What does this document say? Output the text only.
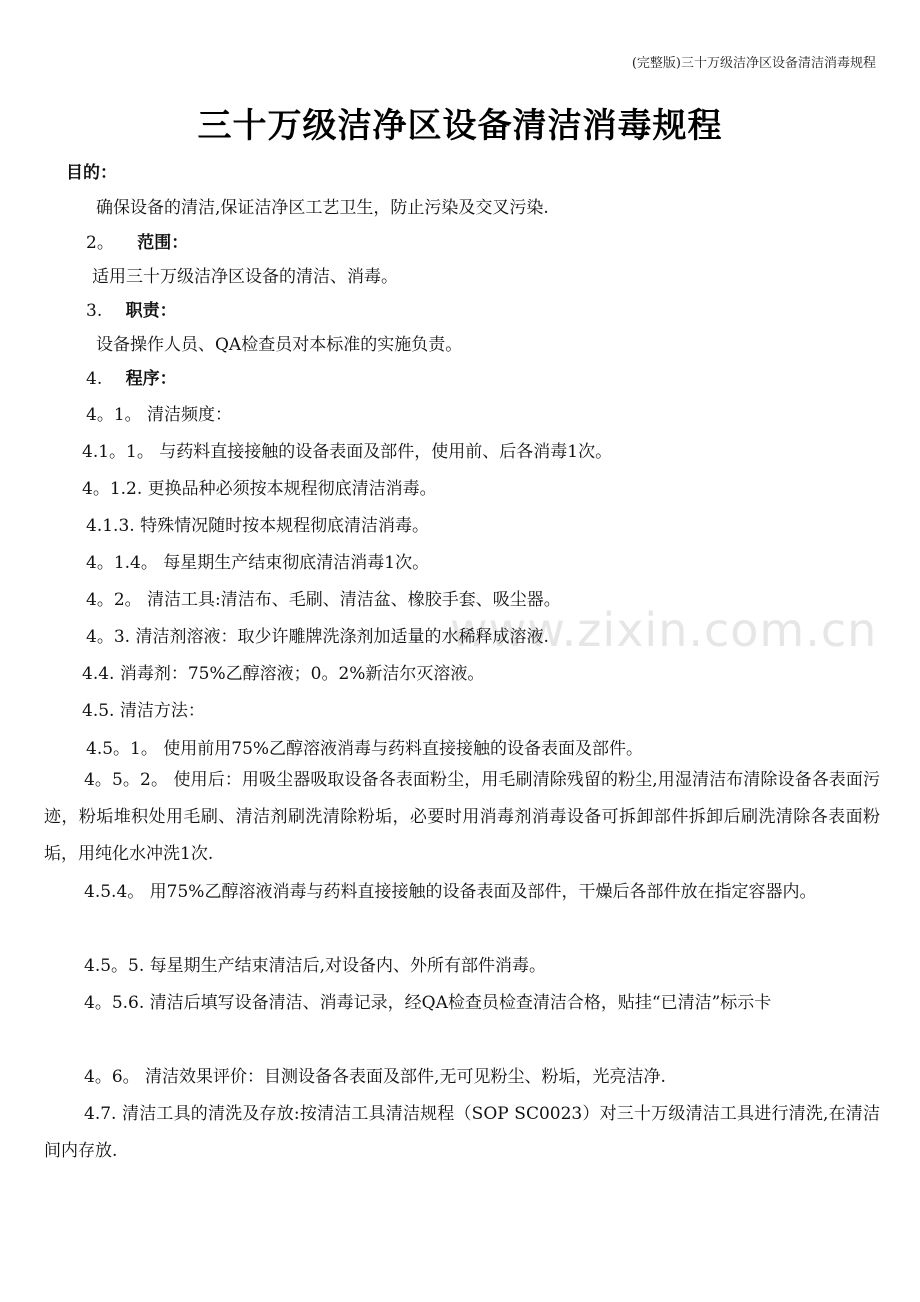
(完整版)三十万级洁净区设备清洁消毒规程
三十万级洁净区设备清洁消毒规程
www.zixin.com.cn
目的：
确保设备的清洁,保证洁净区工艺卫生，防止污染及交叉污染.
2。 范围：
适用三十万级洁净区设备的清洁、消毒。
3. 职责：
设备操作人员、QA检查员对本标准的实施负责。
4. 程序：
4。1。 清洁频度：
4.1。1。 与药料直接接触的设备表面及部件，使用前、后各消毒1次。
4。1.2. 更换品种必须按本规程彻底清洁消毒。
4.1.3. 特殊情况随时按本规程彻底清洁消毒。
4。1.4。 每星期生产结束彻底清洁消毒1次。
4。2。 清洁工具:清洁布、毛刷、清洁盆、橡胶手套、吸尘器。
4。3. 清洁剂溶液：取少许雕牌洗涤剂加适量的水稀释成溶液.
4.4. 消毒剂：75%乙醇溶液；0。2%新洁尔灭溶液。
4.5. 清洁方法：
4.5。1。 使用前用75%乙醇溶液消毒与药料直接接触的设备表面及部件。
4。5。2。 使用后：用吸尘器吸取设备各表面粉尘，用毛刷清除残留的粉尘,用湿清洁布清除设备各表面污迹，粉垢堆积处用毛刷、清洁剂刷洗清除粉垢，必要时用消毒剂消毒设备可拆卸部件拆卸后刷洗清除各表面粉垢，用纯化水冲洗1次.
4.5.4。 用75%乙醇溶液消毒与药料直接接触的设备表面及部件，干燥后各部件放在指定容器内。
4.5。5. 每星期生产结束清洁后,对设备内、外所有部件消毒。
4。5.6. 清洁后填写设备清洁、消毒记录，经QA检查员检查清洁合格，贴挂“已清洁”标示卡
4。6。 清洁效果评价：目测设备各表面及部件,无可见粉尘、粉垢，光亮洁净.
4.7. 清洁工具的清洗及存放:按清洁工具清洁规程（SOP SC0023）对三十万级清洁工具进行清洗,在清洁间内存放.
